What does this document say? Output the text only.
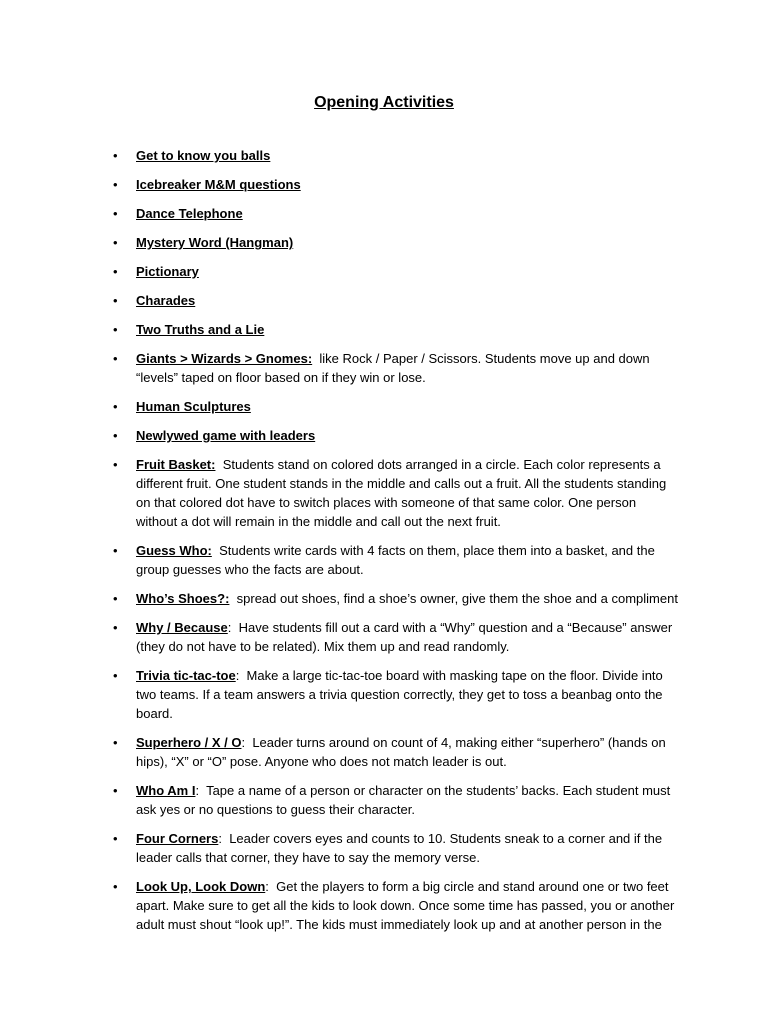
Opening Activities
• Get to know you balls
• Icebreaker M&M questions
• Dance Telephone
• Mystery Word (Hangman)
• Pictionary
• Charades
• Two Truths and a Lie
• Giants > Wizards > Gnomes: like Rock / Paper / Scissors. Students move up and down “levels” taped on floor based on if they win or lose.
• Human Sculptures
• Newlywed game with leaders
• Fruit Basket: Students stand on colored dots arranged in a circle. Each color represents a different fruit. One student stands in the middle and calls out a fruit. All the students standing on that colored dot have to switch places with someone of that same color. One person without a dot will remain in the middle and call out the next fruit.
• Guess Who: Students write cards with 4 facts on them, place them into a basket, and the group guesses who the facts are about.
• Who’s Shoes?: spread out shoes, find a shoe’s owner, give them the shoe and a compliment
• Why / Because:  Have students fill out a card with a “Why” question and a “Because” answer (they do not have to be related). Mix them up and read randomly.
• Trivia tic-tac-toe:  Make a large tic-tac-toe board with masking tape on the floor. Divide into two teams. If a team answers a trivia question correctly, they get to toss a beanbag onto the board.
• Superhero / X / O:  Leader turns around on count of 4, making either “superhero” (hands on hips), “X” or “O” pose. Anyone who does not match leader is out.
• Who Am I:  Tape a name of a person or character on the students’ backs. Each student must ask yes or no questions to guess their character.
• Four Corners:  Leader covers eyes and counts to 10. Students sneak to a corner and if the leader calls that corner, they have to say the memory verse.
• Look Up, Look Down:  Get the players to form a big circle and stand around one or two feet apart. Make sure to get all the kids to look down. Once some time has passed, you or another adult must shout “look up!”. The kids must immediately look up and at another person in the
